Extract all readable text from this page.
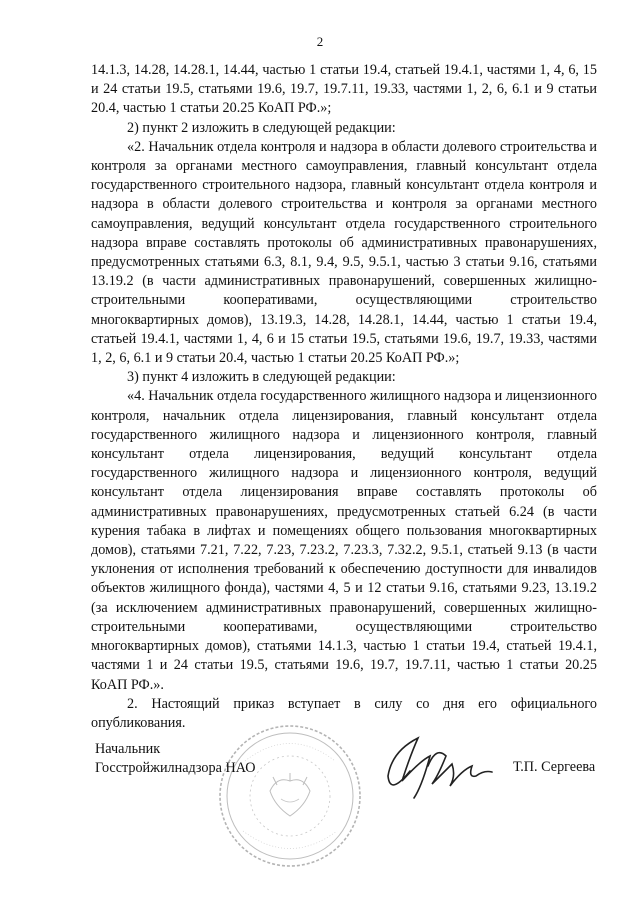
2

14.1.3, 14.28, 14.28.1, 14.44, частью 1 статьи 19.4, статьей 19.4.1, частями 1, 4, 6, 15 и 24 статьи 19.5, статьями 19.6, 19.7, 19.7.11, 19.33, частями 1, 2, 6, 6.1 и 9 статьи 20.4, частью 1 статьи 20.25 КоАП РФ.»;

2) пункт 2 изложить в следующей редакции:

«2. Начальник отдела контроля и надзора в области долевого строительства и контроля за органами местного самоуправления, главный консультант отдела государственного строительного надзора, главный консультант отдела контроля и надзора в области долевого строительства и контроля за органами местного самоуправления, ведущий консультант отдела государственного строительного надзора вправе составлять протоколы об административных правонарушениях, предусмотренных статьями 6.3, 8.1, 9.4, 9.5, 9.5.1, частью 3 статьи 9.16, статьями 13.19.2 (в части административных правонарушений, совершенных жилищно-строительными кооперативами, осуществляющими строительство многоквартирных домов), 13.19.3, 14.28, 14.28.1, 14.44, частью 1 статьи 19.4, статьей 19.4.1, частями 1, 4, 6 и 15 статьи 19.5, статьями 19.6, 19.7, 19.33, частями 1, 2, 6, 6.1 и 9 статьи 20.4, частью 1 статьи 20.25 КоАП РФ.»;

3) пункт 4 изложить в следующей редакции:

«4. Начальник отдела государственного жилищного надзора и лицензионного контроля, начальник отдела лицензирования, главный консультант отдела государственного жилищного надзора и лицензионного контроля, главный консультант отдела лицензирования, ведущий консультант отдела государственного жилищного надзора и лицензионного контроля, ведущий консультант отдела лицензирования вправе составлять протоколы об административных правонарушениях, предусмотренных статьей 6.24 (в части курения табака в лифтах и помещениях общего пользования многоквартирных домов), статьями 7.21, 7.22, 7.23, 7.23.2, 7.23.3, 7.32.2, 9.5.1, статьей 9.13 (в части уклонения от исполнения требований к обеспечению доступности для инвалидов объектов жилищного фонда), частями 4, 5 и 12 статьи 9.16, статьями 9.23, 13.19.2 (за исключением административных правонарушений, совершенных жилищно-строительными кооперативами, осуществляющими строительство многоквартирных домов), статьями 14.1.3, частью 1 статьи 19.4, статьей 19.4.1, частями 1 и 24 статьи 19.5, статьями 19.6, 19.7, 19.7.11, частью 1 статьи 20.25 КоАП РФ.».

2. Настоящий приказ вступает в силу со дня его официального опубликования.

Начальник
Госстройжилнадзора НАО	Т.П. Сергеева
